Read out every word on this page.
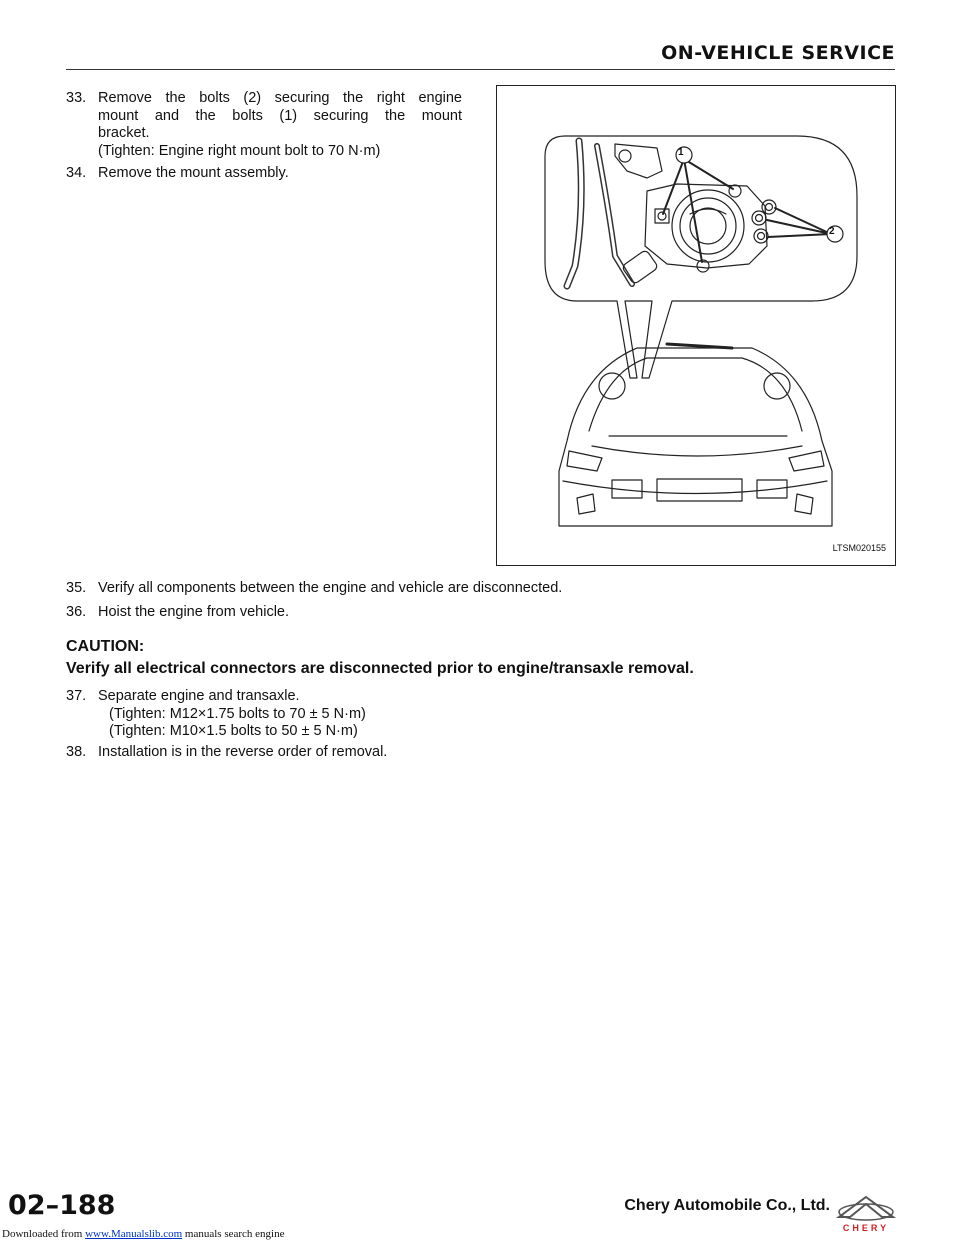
ON-VEHICLE SERVICE
33. Remove the bolts (2) securing the right engine
mount and the bolts (1) securing the mount
bracket.
(Tighten: Engine right mount bolt to 70 N·m)
34. Remove the mount assembly.
1
2
LTSM020155
35. Verify all components between the engine and vehicle are disconnected.
36. Hoist the engine from vehicle.
CAUTION:
Verify all electrical connectors are disconnected prior to engine/transaxle removal.
37. Separate engine and transaxle.
(Tighten: M12×1.75 bolts to 70 ± 5 N·m)
(Tighten: M10×1.5 bolts to 50 ± 5 N·m)
38. Installation is in the reverse order of removal.
02–188	Chery Automobile Co., Ltd.
CHERY
Downloaded from www.Manualslib.com manuals search engine
